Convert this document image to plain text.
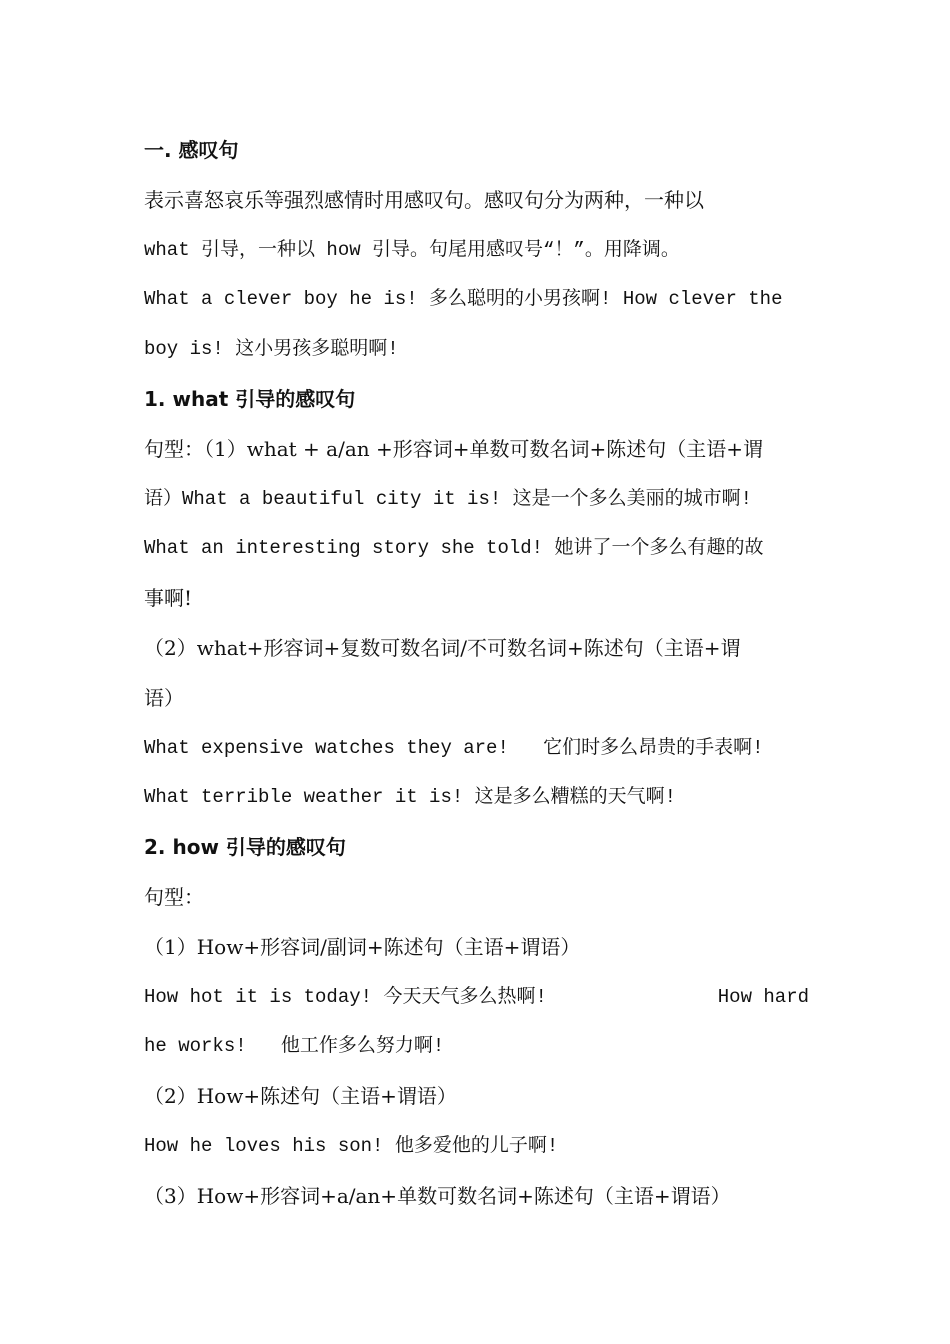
一. 感叹句
表示喜怒哀乐等强烈感情时用感叹句。感叹句分为两种，一种以
what 引导，一种以 how 引导。句尾用感叹号“！”。用降调。
What a clever boy he is! 多么聪明的小男孩啊! How clever the
boy is! 这小男孩多聪明啊!
1. what 引导的感叹句
句型：（1）what + a/an +形容词+单数可数名词+陈述句（主语+谓
语）What a beautiful city it is! 这是一个多么美丽的城市啊!
What an interesting story she told! 她讲了一个多么有趣的故
事啊!
（2）what+形容词+复数可数名词/不可数名词+陈述句（主语+谓
语）
What expensive watches they are!   它们时多么昂贵的手表啊!
What terrible weather it is! 这是多么糟糕的天气啊!
2. how 引导的感叹句
句型：
（1）How+形容词/副词+陈述句（主语+谓语）
How hot it is today! 今天天气多么热啊!	How hard
he works!   他工作多么努力啊!
（2）How+陈述句（主语+谓语）
How he loves his son! 他多爱他的儿子啊!
（3）How+形容词+a/an+单数可数名词+陈述句（主语+谓语）
